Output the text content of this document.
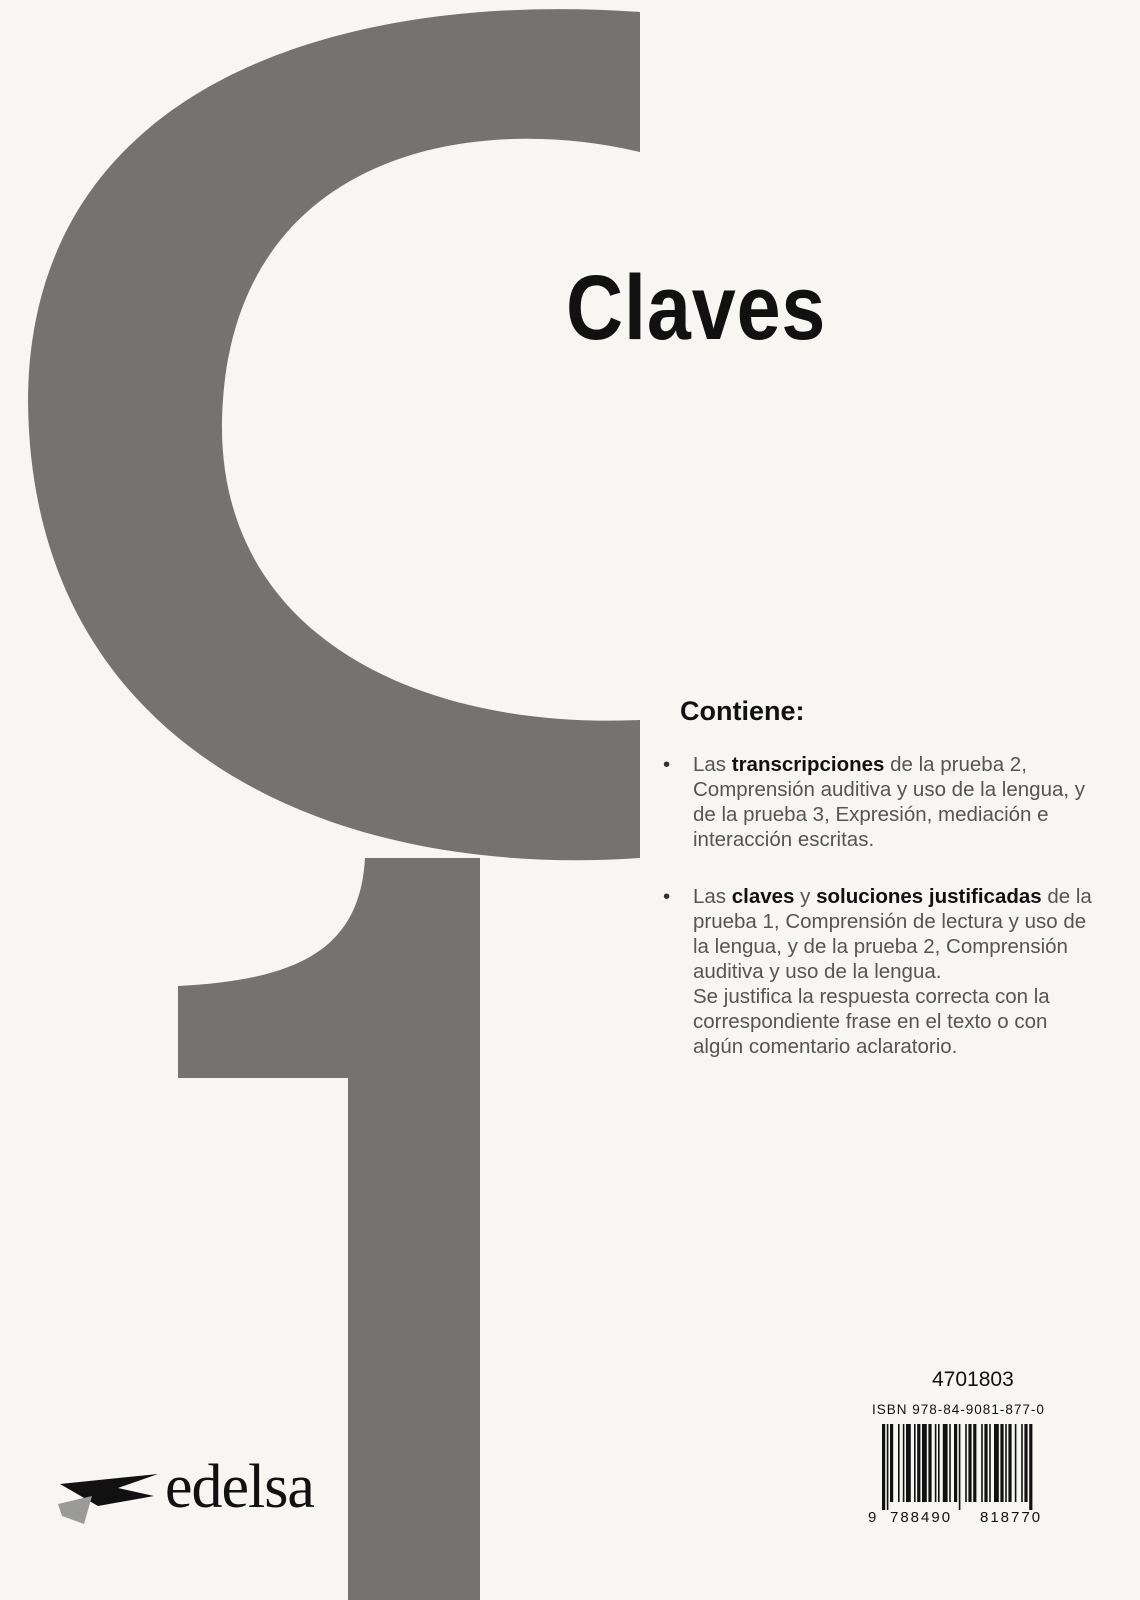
Claves
Contiene:
• Las transcripciones de la prueba 2, Comprensión auditiva y uso de la lengua, y de la prueba 3, Expresión, mediación e interacción escritas.
• Las claves y soluciones justificadas de la prueba 1, Comprensión de lectura y uso de la lengua, y de la prueba 2, Comprensión auditiva y uso de la lengua.
Se justifica la respuesta correcta con la correspondiente frase en el texto o con algún comentario aclaratorio.
4701803
ISBN 978-84-9081-877-0
9 788490 818770
edelsa
